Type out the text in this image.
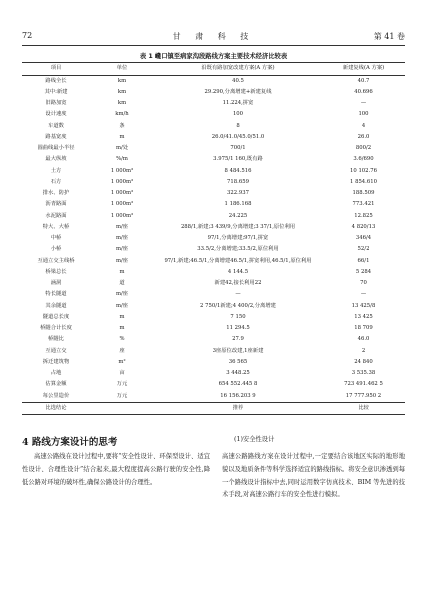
72	甘 肃 科 技	第 41 卷
表 1 巉口镇至病家沟段路线方案主要技术经济比较表
项目	单位	沿既有路加宽改建方案(A 方案)	新建复线(A 方案)
路线全长	km	40.5	40.7
其中:新建	km	29.290,分离增建+新建复线	40.696
旧路加宽	km	11.224,拼宽	—
设计速度	km/h	100	100
车道数	条	8	4
路基宽度	m	26.0/41.0/45.0/51.0	26.0
圆曲线最小半径	m/处	700/1	800/2
最大纵坡	%/m	3.975/1 160,既有路	3.6/690
土方	1 000m³	8 484.516	10 102.76
石方	1 000m³	718.659	1 854.610
排水、防护	1 000m³	322.937	188.509
沥青路面	1 000m³	1 186.168	773.421
水泥路面	1 000m³	24.225	12.825
特大、大桥	m/座	288/1,新建;3 439/9,分离增建;3 37/1,原位利用	4 820/13
中桥	m/座	97/1,分离增建;97/1,拼宽	346/4
小桥	m/座	33.5/2,分离增建;33.5/2,原位利用	52/2
互通立交主线桥	m/座	97/1,新建;46.5/1,分离增建46.5/1,拼宽利用,46.5/1,原位利用	66/1
桥梁总长	m	4 144.5	5 284
涵洞	道	新建42,接长利用22	70
特长隧道	m/座	—	—
其余隧道	m/座	2 750/1新建;4 400/2,分离增建	13 425/8
隧道总长度	m	7 150	13 425
桥隧合计长度	m	11 294.5	18 709
桥隧比	%	27.9	46.0
互通立交	座	3座原位改建,1座新建	2
拆迁建筑物	m²	36 565	24 840
占地	亩	3 448.25	3 535.38
估算金额	万元	654 552.445 8	723 491.462 5
每公里造价	万元	16 156.203 9	17 777.950 2
比选结论		推荐	比较
4 路线方案设计的思考
高速公路线在设计过程中,要将“安全性设计、环保型设计、适宜性设计、合理性设计”结合起来,最大程度提高公路行驶的安全性,降低公路对环境的破坏性,确保公路设计的合理性。
(1)安全性设计
高速公路路线方案在设计过程中,一定要结合该地区实际的地形地貌以及地质条件等科学选择适宜的路线指标。将安全意识渗透到每一个路线设计指标中去,同时运用数字仿真技术、BIM 等先进的技术手段,对高速公路行车的安全性进行模拟。
